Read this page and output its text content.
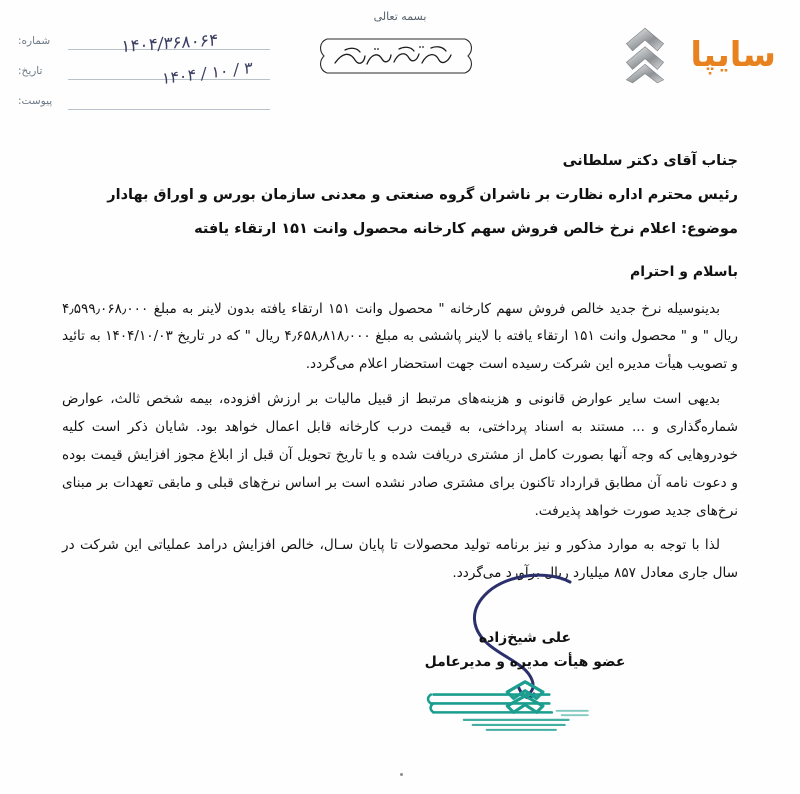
شماره:	۱۴۰۴/۳۶۸۰۶۴
تاریخ:	۳ / ۱۰ / ۱۴۰۴
پیوست:
بسمه تعالی
سایپا
جناب آقای دکتر سلطانی
رئیس محترم اداره نظارت بر ناشران گروه صنعتی و معدنی سازمان بورس و اوراق بهادار
موضوع: اعلام نرخ خالص فروش سهم کارخانه محصول وانت ۱۵۱ ارتقاء یافته
باسلام و احترام

بدینوسیله نرخ جدید خالص فروش سهم کارخانه " محصول وانت ۱۵۱ ارتقاء یافته بدون لاینر به مبلغ ۴٫۵۹۹٫۰۶۸٫۰۰۰ ریال " و " محصول وانت ۱۵۱ ارتقاء یافته با لاینر پاششی به مبلغ ۴٫۶۵۸٫۸۱۸٫۰۰۰ ریال " که در تاریخ ۱۴۰۴/۱۰/۰۳ به تائید و تصویب هیأت مدیره این شرکت رسیده است جهت استحضار اعلام می‌گردد.

بدیهی است سایر عوارض قانونی و هزینه‌های مرتبط از قبیل مالیات بر ارزش افزوده، بیمه شخص ثالث، عوارض شماره‌گذاری و ... مستند به اسناد پرداختی، به قیمت درب کارخانه قابل اعمال خواهد بود. شایان ذکر است کلیه خودروهایی که وجه آنها بصورت کامل از مشتری دریافت شده و یا تاریخ تحویل آن قبل از ابلاغ مجوز افزایش قیمت بوده و دعوت نامه آن مطابق قرارداد تاکنون برای مشتری صادر نشده است بر اساس نرخ‌های قبلی و مابقی تعهدات بر مبنای نرخ‌های جدید صورت خواهد پذیرفت.

لذا با توجه به موارد مذکور و نیز برنامه تولید محصولات تا پایان سـال، خالص افزایش درامد عملیاتی این شرکت در سال جاری معادل ۸۵۷ میلیارد ریال برآورد می‌گردد.

علی شیخ‌زاده
عضو هیأت مدیره و مدیرعامل
